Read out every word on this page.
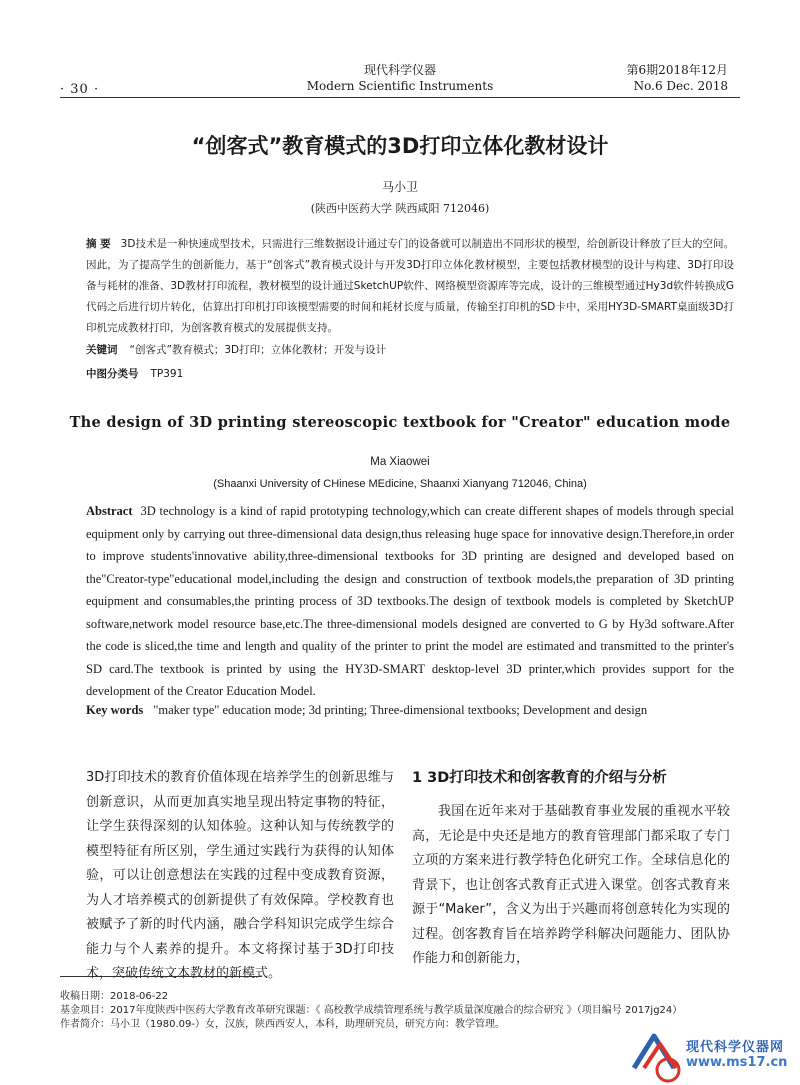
· 30 ·
现代科学仪器
Modern Scientific Instruments
第6期2018年12月
No.6 Dec. 2018
“创客式”教育模式的3D打印立体化教材设计
马小卫
(陕西中医药大学 陕西咸阳 712046)
摘 要 3D技术是一种快速成型技术，只需进行三维数据设计通过专门的设备就可以制造出不同形状的模型，给创新设计释放了巨大的空间。因此，为了提高学生的创新能力，基于“创客式”教育模式设计与开发3D打印立体化教材模型，主要包括教材模型的设计与构建、3D打印设备与耗材的准备、3D教材打印流程，教材模型的设计通过SketchUP软件、网络模型资源库等完成，设计的三维模型通过Hy3d软件转换成G代码之后进行切片转化，估算出打印机打印该模型需要的时间和耗材长度与质量，传输至打印机的SD卡中，采用HY3D-SMART桌面级3D打印机完成教材打印，为创客教育模式的发展提供支持。
关键词 “创客式”教育模式；3D打印；立体化教材；开发与设计
中图分类号 TP391
The design of 3D printing stereoscopic textbook for "Creator" education mode
Ma Xiaowei
(Shaanxi University of CHinese MEdicine, Shaanxi Xianyang 712046, China)
Abstract 3D technology is a kind of rapid prototyping technology,which can create different shapes of models through special equipment only by carrying out three-dimensional data design,thus releasing huge space for innovative design.Therefore,in order to improve students'innovative ability,three-dimensional textbooks for 3D printing are designed and developed based on the"Creator-type"educational model,including the design and construction of textbook models,the preparation of 3D printing equipment and consumables,the printing process of 3D textbooks.The design of textbook models is completed by SketchUP software,network model resource base,etc.The three-dimensional models designed are converted to G by Hy3d software.After the code is sliced,the time and length and quality of the printer to print the model are estimated and transmitted to the printer's SD card.The textbook is printed by using the HY3D-SMART desktop-level 3D printer,which provides support for the development of the Creator Education Model.
Key words "maker type" education mode; 3d printing; Three-dimensional textbooks; Development and design
3D打印技术的教育价值体现在培养学生的创新思维与创新意识，从而更加真实地呈现出特定事物的特征，让学生获得深刻的认知体验。这种认知与传统教学的模型特征有所区别，学生通过实践行为获得的认知体验，可以让创意想法在实践的过程中变成教育资源，为人才培养模式的创新提供了有效保障。学校教育也被赋予了新的时代内涵，融合学科知识完成学生综合能力与个人素养的提升。本文将探讨基于3D打印技术，突破传统文本教材的新模式。
1 3D打印技术和创客教育的介绍与分析
我国在近年来对于基础教育事业发展的重视水平较高，无论是中央还是地方的教育管理部门都采取了专门立项的方案来进行教学特色化研究工作。全球信息化的背景下，也让创客式教育正式进入课堂。创客式教育来源于“Maker”，含义为出于兴趣而将创意转化为实现的过程。创客教育旨在培养跨学科解决问题能力、团队协作能力和创新能力，
收稿日期：2018-06-22
基金项目：2017年度陕西中医药大学教育改革研究课题：《 高校教学成绩管理系统与教学质量深度融合的综合研究 》（项目编号 2017jg24）
作者简介：马小卫（1980.09-）女，汉族，陕西西安人，本科，助理研究员，研究方向：教学管理。
现代科学仪器网
www.ms17.cn
